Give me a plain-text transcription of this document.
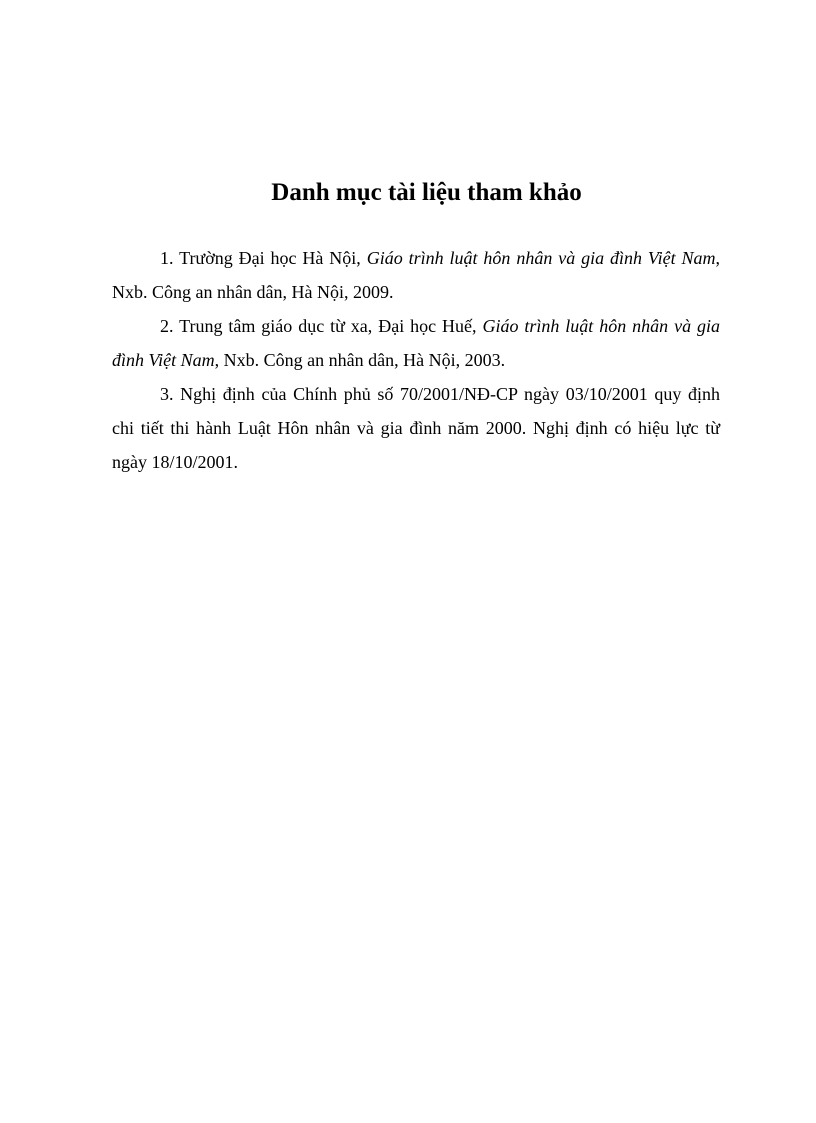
Danh mục tài liệu tham khảo

1. Trường Đại học Hà Nội, Giáo trình luật hôn nhân và gia đình Việt Nam, Nxb. Công an nhân dân, Hà Nội, 2009.

2. Trung tâm giáo dục từ xa, Đại học Huế, Giáo trình luật hôn nhân và gia đình Việt Nam, Nxb. Công an nhân dân, Hà Nội, 2003.

3. Nghị định của Chính phủ số 70/2001/NĐ-CP ngày 03/10/2001 quy định chi tiết thi hành Luật Hôn nhân và gia đình năm 2000. Nghị định có hiệu lực từ ngày 18/10/2001.
